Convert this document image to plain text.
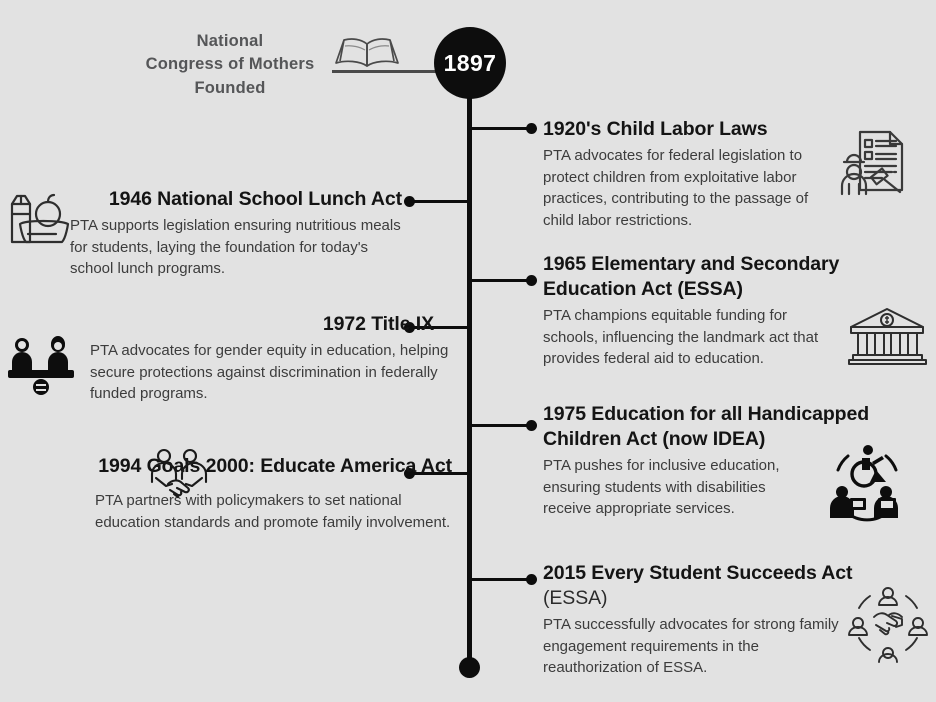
National
Congress of Mothers
Founded
1897

1920's Child Labor Laws

PTA advocates for federal legislation to protect children from exploitative labor practices, contributing to the passage of child labor restrictions.

1946 National School Lunch Act

PTA supports legislation ensuring nutritious meals for students, laying the foundation for today's school lunch programs.	1965 Elementary and Secondary Education Act (ESSA)

PTA champions equitable funding for schools, influencing the landmark act that provides federal aid to education.

1972 Title IX

PTA advocates for gender equity in education, helping secure protections against discrimination in federally funded programs.

1975 Education for all Handicapped Children Act (now IDEA)

PTA pushes for inclusive education, ensuring students with disabilities receive appropriate services.

1994 Goals 2000: Educate America Act

PTA partners with policymakers to set national education standards and promote family involvement.

2015 Every Student Succeeds Act (ESSA)

PTA successfully advocates for strong family engagement requirements in the reauthorization of ESSA.
